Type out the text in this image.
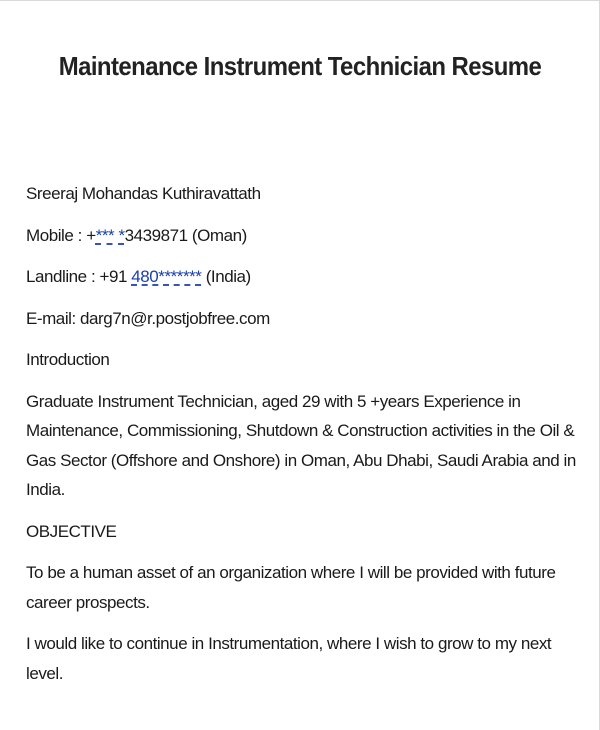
Maintenance Instrument Technician Resume

Sreeraj Mohandas Kuthiravattath

Mobile : +*** *3439871 (Oman)

Landline : +91 480******* (India)

E-mail: darg7n@r.postjobfree.com

Introduction

Graduate Instrument Technician, aged 29 with 5 +years Experience in

Maintenance, Commissioning, Shutdown & Construction activities in the Oil &

Gas Sector (Offshore and Onshore) in Oman, Abu Dhabi, Saudi Arabia and in

India.

OBJECTIVE

To be a human asset of an organization where I will be provided with future

career prospects.

I would like to continue in Instrumentation, where I wish to grow to my next

level.
